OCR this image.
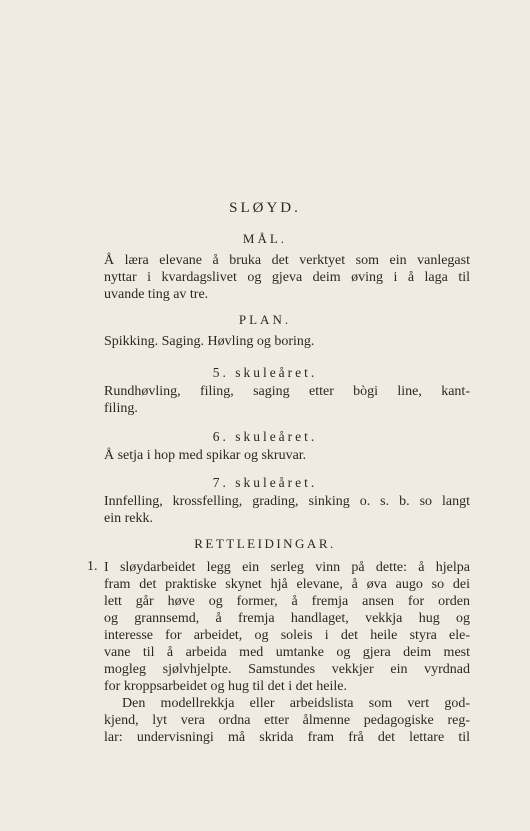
SLØYD.
MÅL.

Å læra elevane å bruka det verktyet som ein vanlegast

nyttar i kvardagslivet og gjeva deim øving i å laga til

uvande ting av tre.

PLAN.

Spikking. Saging. Høvling og boring.

5. skuleåret.

Rundhøvling, filing, saging etter bògi line, kant-

filing.

6. skuleåret.

Å setja i hop med spikar og skruvar.

7. skuleåret.

Innfelling, krossfelling, grading, sinking o. s. b. so langt

ein rekk.

RETTLEIDINGAR.
1. I sløydarbeidet legg ein serleg vinn på dette: å hjelpa

fram det praktiske skynet hjå elevane, å øva augo so dei

lett går høve og former, å fremja ansen for orden

og grannsemd, å fremja handlaget, vekkja hug og

interesse for arbeidet, og soleis i det heile styra ele-

vane til å arbeida med umtanke og gjera deim mest

mogleg sjølvhjelpte. Samstundes vekkjer ein vyrdnad

for kroppsarbeidet og hug til det i det heile.

Den modellrekkja eller arbeidslista som vert god-

kjend, lyt vera ordna etter ålmenne pedagogiske reg-

lar: undervisningi må skrida fram frå det lettare til
